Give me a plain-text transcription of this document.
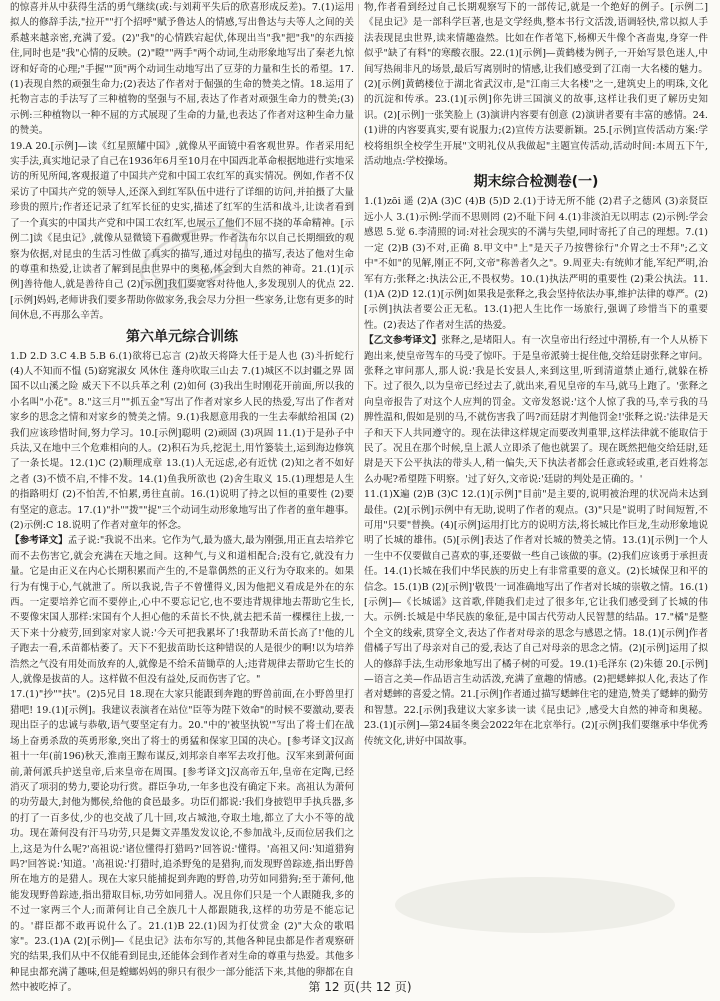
的惊喜并从中获得生活的勇气继续(或:与刘莉平失后的欣喜形成反差)。7.(1)运用拟人的修辞手法,"拉开""打个招呼"赋予鲁达人的情感,写出鲁达与夫等人之间的关系越来越亲密,充满了爱。(2)"我"的心情跌宕起伏,体现出当"我"把"我"的东西接住,同时也是"我"心情的反映。(2)"瞪""两手"两个动词,生动形象地写出了秦老九惊讶和好奇的心理;"手握""顶"两个动词生动地写出了豆芽的力量和生长的希望。17.(1)表现自然的顽强生命力;(2)表达了作者对于倔强的生命的赞美之情。18.运用了托物言志的手法写了三种植物的坚强与不屈,表达了作者对顽强生命力的赞美;(3)示例:三种植物以一种不屈的方式展现了生命的力量,也表达了作者对这种生命力量的赞美。

19.A 20.[示例]—读《红星照耀中国》,就像从平面镜中看客观世界。作者采用纪实手法,真实地记录了自己在1936年6月至10月在中国西北革命根据地进行实地采访的所见所闻,客观报道了中国共产党和中国工农红军的真实情况。例如,作者不仅采访了中国共产党的领导人,还深入到红军队伍中进行了详细的访问,并拍摄了大量珍贵的照片;作者还记录了红军长征的史实,描述了红军的生活和战斗,让读者看到了一个真实的中国共产党和中国工农红军,也展示了他们不屈不挠的革命精神。[示例二]读《昆虫记》,就像从显微镜下看微观世界。作者法布尔以自己长期细致的观察为依据,对昆虫的生活习性做了真实的描写,通过对昆虫的描写,表达了他对生命的尊重和热爱,让读者了解到昆虫世界中的奥秘,体会到大自然的神奇。21.(1)[示例]善待他人,就是善待自己 (2)[示例]我们要宽容对待他人,多发现别人的优点 22.[示例]妈妈,老师讲我们要多帮助你做家务,我会尽力分担一些家务,让您有更多的时间休息,不再那么辛苦。

第六单元综合训练

1.D 2.D 3.C 4.B 5.B 6.(1)欲将已忘言 (2)故天将降大任于是人也 (3)斗折蛇行 (4)人不知而不愠 (5)窈窕淑女 风休住 蓬舟吹取三山去 7.(1)城区不以封疆之界 固国不以山溪之险 威天下不以兵革之利 (2)如何 (3)我出生时刚花开前面,所以我的小名叫"小花"。8."这三月""抓五金"写出了作者对家乡人民的热爱,写出了作者对家乡的思念之情和对家乡的赞美之情。9.(1)我愿意用我的一生去奉献给祖国 (2)我们应该珍惜时间,努力学习。10.[示例]聪明 (2)顽固 (3)巩固 11.(1)于是孙子中兵法,又在地中三个危难相向的人。(2)积石为兵,挖泥土,用竹篓装土,运到海边修筑了一条长堤。12.(1)C (2)顺理成章 13.(1)人无远虑,必有近忧 (2)知之者不如好之者 (3)不愤不启,不悱不发。14.(1)鱼我所欲也 (2)舍生取义 15.(1)理想是人生的指路明灯 (2)不怕苦,不怕累,勇往直前。16.(1)说明了持之以恒的重要性 (2)要有坚定的意志。17.(1)"扑""拨""捉"三个动词生动形象地写出了作者的童年趣事。(2)示例:C 18.说明了作者对童年的怀念。

【参考译文】孟子说:"我说不出来。它作为气,最为盛大,最为刚强,用正直去培养它而不去伤害它,就会充满在天地之间。这种气,与义和道相配合;没有它,就没有力量。它是由正义在内心长期积累而产生的,不是靠偶然的正义行为夺取来的。如果行为有愧于心,气就泄了。所以我说,告子不曾懂得义,因为他把义看成是外在的东西。一定要培养它而不要停止,心中不要忘记它,也不要违背规律地去帮助它生长,不要像宋国人那样:宋国有个人担心他的禾苗长不快,就去把禾苗一棵棵往上拔,一天下来十分疲劳,回到家对家人说:'今天可把我累坏了!我帮助禾苗长高了!'他的儿子跑去一看,禾苗都枯萎了。天下不犯拔苗助长这种错误的人是很少的啊!以为培养浩然之气没有用处而放弃的人,就像是不给禾苗锄草的人;违背规律去帮助它生长的人,就像是拔苗的人。这样做不但没有益处,反而伤害了它。"

17.(1)"抄""扶"。(2)5兄目 18.现在大家只能跟到奔跑的野兽前面,在小野兽里打猎吧! 19.(1)[示例]。我建议表演者在站位"臣等为陛下效命"的时候不要激动,要表现出臣子的忠诚与恭敬,语气要坚定有力。20."中的'被坚执锐'"写出了将士们在战场上奋勇杀敌的英勇形象,突出了将士的勇猛和保家卫国的决心。[参考译文]汉高祖十一年(前196)秋天,淮南王黥布谋反,刘邦亲自率军去攻打他。汉军来到萧何面前,萧何派兵护送皇帝,后来皇帝在周围。[参考译文]汉高帝五年,皇帝在定陶,已经消灭了项羽的势力,要论功行赏。群臣争功,一年多也没有确定下来。高祖认为萧何的功劳最大,封他为酂侯,给他的食邑最多。功臣们都说:'我们身披铠甲手执兵器,多的打了一百多仗,少的也交战了几十回,攻占城池,夺取土地,都立了大小不等的战功。现在萧何没有汗马功劳,只是舞文弄墨发发议论,不参加战斗,反而位居我们之上,这是为什么呢?'高祖说:'诸位懂得打猎吗?'回答说:'懂得。'高祖又问:'知道猎狗吗?'回答说:'知道。'高祖说:'打猎时,追杀野兔的是猎狗,而发现野兽踪迹,指出野兽所在地方的是猎人。现在大家只能捕捉到奔跑的野兽,功劳如同猎狗;至于萧何,他能发现野兽踪迹,指出猎取目标,功劳如同猎人。况且你们只是一个人跟随我,多的不过一家两三个人;而萧何让自己全族几十人都跟随我,这样的功劳是不能忘记的。'群臣都不敢再说什么了。21.(1)B 22.(1)因为打仗赏金 (2)"大众的歌唱家"。23.(1)A (2)[示例]—《昆虫记》法布尔写的,其他各种昆虫都是作者观察研究的结果,我们从中不仅能看到昆虫,还能体会到作者对生命的尊重与热爱。其他多种昆虫都充满了趣味,但是螳螂妈妈的卵只有很少一部分能活下来,其他的卵都在自然中被吃掉了。

物,作者看到经过自己长期观察写下的一部传记,就是一个绝好的例子。[示例二]《昆虫记》是一部科学巨著,也是文学经典,整本书行文活泼,语调轻快,常以拟人手法表现昆虫世界,读来情趣盎然。比如在作者笔下,杨柳天牛像个吝啬鬼,身穿一件似乎"缺了有料"的寒酸衣服。22.(1)[示例]—黄鹤楼为例子,一开始写景色迷人,中间写热闹非凡的场景,最后写离别时的情感,让我们感受到了江南一大名楼的魅力。(2)[示例]黄鹤楼位于湖北省武汉市,是"江南三大名楼"之一,建筑史上的明珠,文化的沉淀和传承。23.(1)[示例]你先讲三国演义的故事,这样让我们更了解历史知识。(2)[示例]一张笑脸上 (3)演讲内容要有创意 (2)演讲者要有丰富的感情。24.(1)讲的内容要真实,要有说服力;(2)宣传方法要新颖。25.[示例]宣传活动方案:学校将组织全校学生开展"文明礼仪从我做起"主题宣传活动,活动时间:本周五下午,活动地点:学校操场。

期末综合检测卷(一)

1.(1)zōi 遥 (2)A (3)C (4)B (5)D 2.(1)于诗无所不能 (2)君子之德风 (3)亲贤臣远小人 3.(1)示例:学而不思则罔 (2)不耻下问 4.(1)非淡泊无以明志 (2)示例:学会感恩 5.觉 6.李清照的词:对社会现实的不满与失望,同时寄托了自己的理想。7.(1)一定 (2)B (3)不对,正确 8.甲文中"上"是天子乃按辔徐行"介胃之士不拜";乙文中"不如"的见解,刚正不阿,文帝"称善者久之"。9.周亚夫:有统帅才能,军纪严明,治军有方;张释之:执法公正,不畏权势。10.(1)执法严明的重要性 (2)秉公执法。11.(1)A (2)D 12.(1)[示例]如果我是张释之,我会坚持依法办事,维护法律的尊严。(2)[示例]执法者要公正无私。13.(1)把人生比作一场旅行,强调了珍惜当下的重要性。(2)表达了作者对生活的热爱。

【乙文参考译文】张释之,是堵阳人。有一次皇帝出行经过中渭桥,有一个人从桥下跑出来,使皇帝驾车的马受了惊吓。于是皇帝派骑士捉住他,交给廷尉张释之审问。张释之审问那人,那人说:'我是长安县人,来到这里,听到清道禁止通行,就躲在桥下。过了很久,以为皇帝已经过去了,就出来,看见皇帝的车马,就马上跑了。'张释之向皇帝报告了对这个人应判的罚金。文帝发怒说:'这个人惊了我的马,幸亏我的马脾性温和,假如是别的马,不就伤害我了吗?而廷尉才判他罚金!'张释之说:'法律是天子和天下人共同遵守的。现在法律这样规定而要改判重罪,这样法律就不能取信于民了。况且在那个时候,皇上派人立即杀了他也就罢了。现在既然把他交给廷尉,廷尉是天下公平执法的带头人,稍一偏失,天下执法者都会任意或轻或重,老百姓将怎么办呢?希望陛下明察。'过了好久,文帝说:'廷尉的判处是正确的。'

11.(1)X遍 (2)B (3)C 12.(1)[示例]"目前"是主要的,说明被治理的状况尚未达到最佳。(2)[示例]示例中有无助,说明了作者的观点。(3)"只是"说明了时间短暂,不可用"只要"替换。(4)[示例]运用打比方的说明方法,将长城比作巨龙,生动形象地说明了长城的雄伟。(5)[示例]表达了作者对长城的赞美之情。13.(1)[示例]一个人一生中不仅要做自己喜欢的事,还要做一些自己该做的事。(2)我们应该勇于承担责任。14.(1)长城在我们中华民族的历史上有非常重要的意义。(2)长城保卫和平的信念。15.(1)B (2)[示例]'敬畏'一词准确地写出了作者对长城的崇敬之情。16.(1)[示例]—《长城谣》这首歌,伴随我们走过了很多年,它让我们感受到了长城的伟大。示例:长城是中华民族的象征,是中国古代劳动人民智慧的结晶。17."橘"是整个全文的线索,贯穿全文,表达了作者对母亲的思念与感恩之情。18.(1)[示例]作者借橘子写出了母亲对自己的爱,表达了自己对母亲的思念之情。(2)[示例]运用了拟人的修辞手法,生动形象地写出了橘子树的可爱。19.(1)毛泽东 (2)朱德 20.[示例]—语言之美—作品语言生动活泼,充满了童趣的情感。(2)把蟋蟀拟人化,表达了作者对蟋蟀的喜爱之情。21.[示例]作者通过描写蟋蟀住宅的建造,赞美了蟋蟀的勤劳和智慧。22.[示例]我建议大家多读一读《昆虫记》,感受大自然的神奇和奥秘。23.(1)[示例]—第24届冬奥会2022年在北京举行。(2)[示例]我们要继承中华优秀传统文化,讲好中国故事。

第 12 页(共 12 页)
